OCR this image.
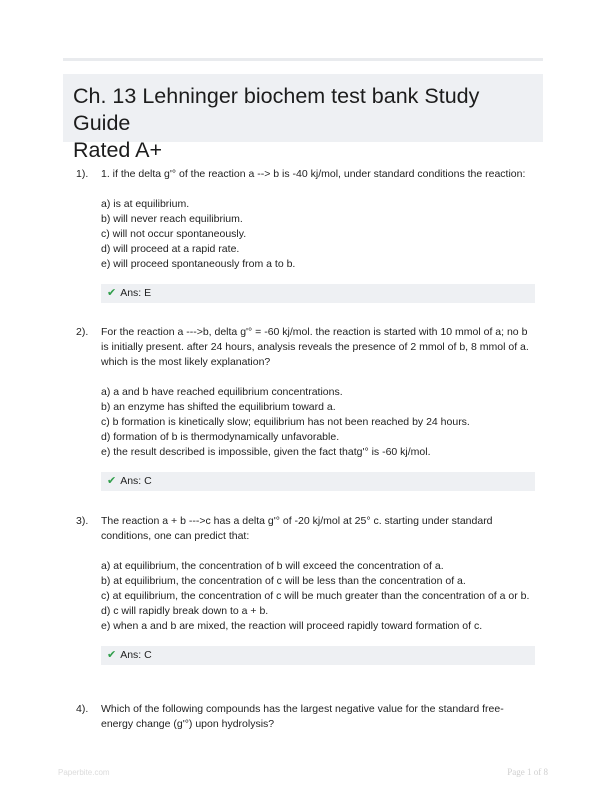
Ch. 13 Lehninger biochem test bank Study Guide
Rated A+
1). 1. if the delta g'° of the reaction a --> b is -40 kj/mol, under standard conditions the reaction:

a) is at equilibrium.
b) will never reach equilibrium.
c) will not occur spontaneously.
d) will proceed at a rapid rate.
e) will proceed spontaneously from a to b.
✔ Ans: E
2). For the reaction a --->b, delta g'° = -60 kj/mol. the reaction is started with 10 mmol of a; no b is initially present. after 24 hours, analysis reveals the presence of 2 mmol of b, 8 mmol of a. which is the most likely explanation?

a) a and b have reached equilibrium concentrations.
b) an enzyme has shifted the equilibrium toward a.
c) b formation is kinetically slow; equilibrium has not been reached by 24 hours.
d) formation of b is thermodynamically unfavorable.
e) the result described is impossible, given the fact thatg'° is -60 kj/mol.
✔ Ans: C
3). The reaction a + b --->c has a delta g'° of -20 kj/mol at 25° c. starting under standard conditions, one can predict that:

a) at equilibrium, the concentration of b will exceed the concentration of a.
b) at equilibrium, the concentration of c will be less than the concentration of a.
c) at equilibrium, the concentration of c will be much greater than the concentration of a or b.
d) c will rapidly break down to a + b.
e) when a and b are mixed, the reaction will proceed rapidly toward formation of c.
✔ Ans: C
4). Which of the following compounds has the largest negative value for the standard free-energy change (g'°) upon hydrolysis?

Paperbite.com	Page 1 of 8
